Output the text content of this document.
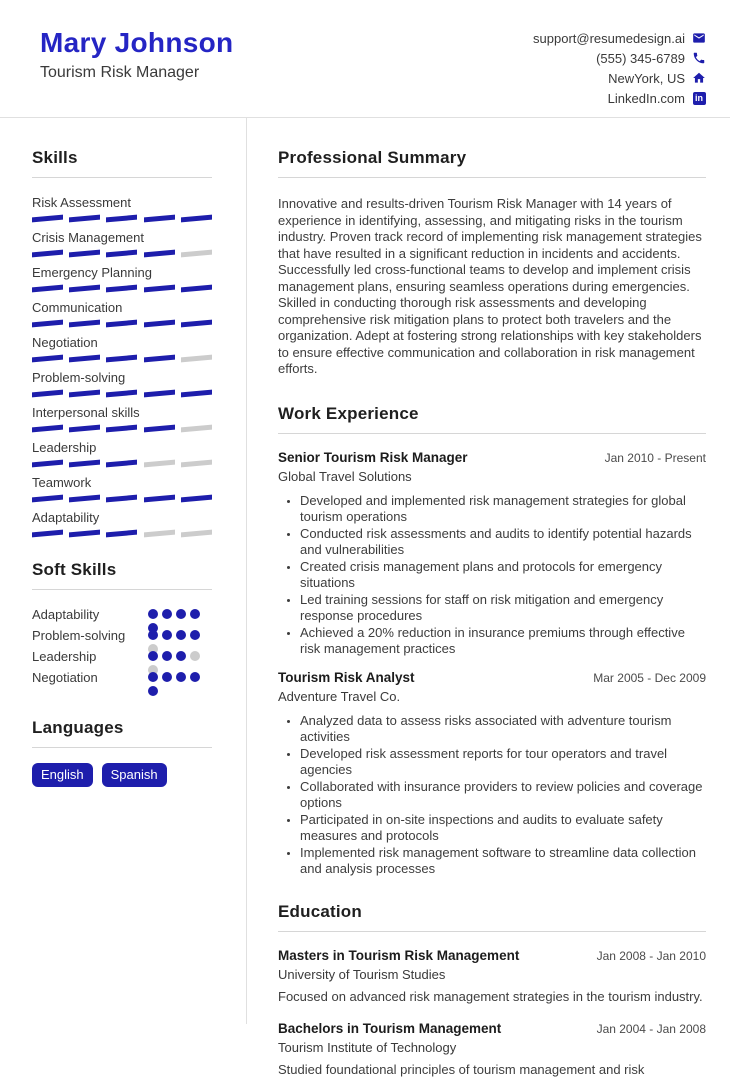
Mary Johnson
Tourism Risk Manager
support@resumedesign.ai
(555) 345-6789
NewYork, US
LinkedIn.com in
Skills
Risk Assessment
Crisis Management
Emergency Planning
Communication
Negotiation
Problem-solving
Interpersonal skills
Leadership
Teamwork
Adaptability
Soft Skills
Adaptability
Problem-solving
Leadership
Negotiation
Languages
English	Spanish
Professional Summary

Innovative and results-driven Tourism Risk Manager with 14 years of experience in identifying, assessing, and mitigating risks in the tourism industry. Proven track record of implementing risk management strategies that have resulted in a significant reduction in incidents and accidents. Successfully led cross-functional teams to develop and implement crisis management plans, ensuring seamless operations during emergencies. Skilled in conducting thorough risk assessments and developing comprehensive risk mitigation plans to protect both travelers and the organization. Adept at fostering strong relationships with key stakeholders to ensure effective communication and collaboration in risk management efforts.

Work Experience
Senior Tourism Risk Manager	Jan 2010 - Present
Global Travel Solutions
• Developed and implemented risk management strategies for global tourism operations
• Conducted risk assessments and audits to identify potential hazards and vulnerabilities
• Created crisis management plans and protocols for emergency situations
• Led training sessions for staff on risk mitigation and emergency response procedures
• Achieved a 20% reduction in insurance premiums through effective risk management practices
Tourism Risk Analyst	Mar 2005 - Dec 2009
Adventure Travel Co.
• Analyzed data to assess risks associated with adventure tourism activities
• Developed risk assessment reports for tour operators and travel agencies
• Collaborated with insurance providers to review policies and coverage options
• Participated in on-site inspections and audits to evaluate safety measures and protocols
• Implemented risk management software to streamline data collection and analysis processes
Education
Masters in Tourism Risk Management	Jan 2008 - Jan 2010
University of Tourism Studies

Focused on advanced risk management strategies in the tourism industry.

Bachelors in Tourism Management	Jan 2004 - Jan 2008
Tourism Institute of Technology

Studied foundational principles of tourism management and risk
